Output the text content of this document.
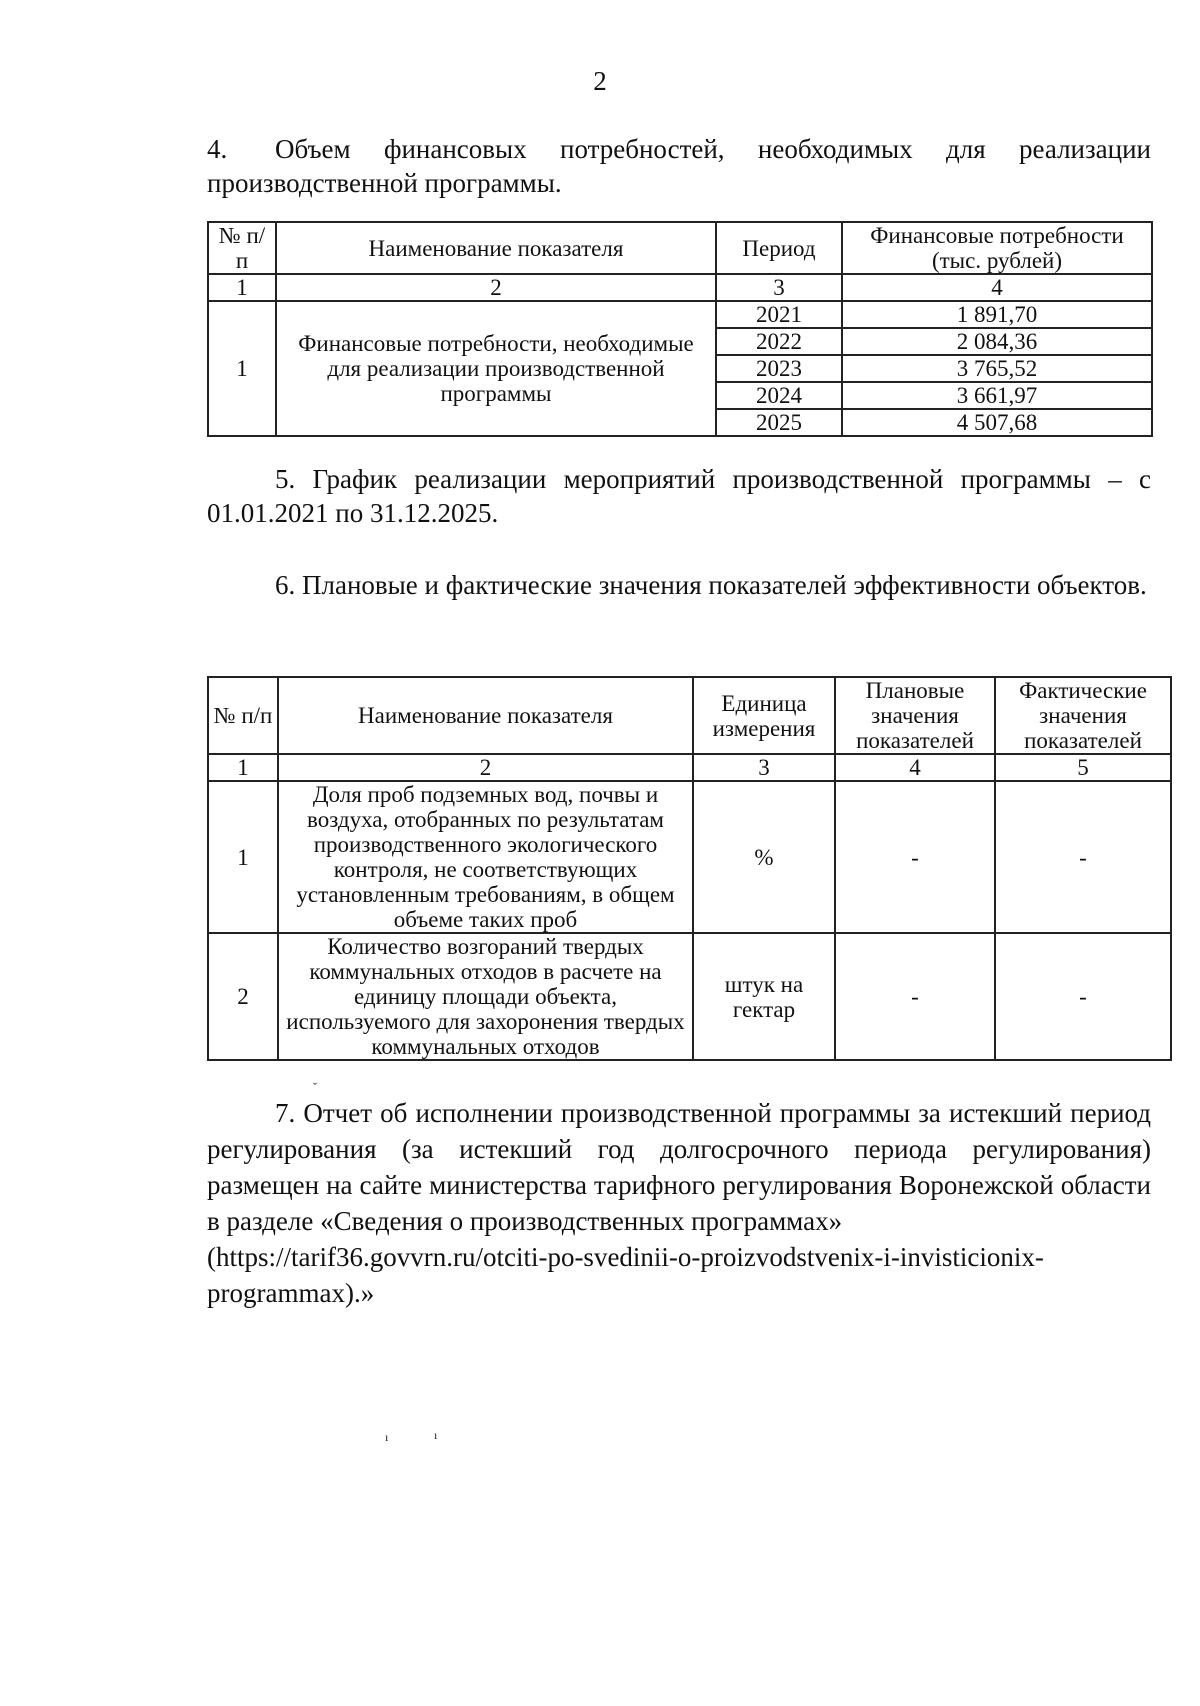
2

4. Объем финансовых потребностей, необходимых для реализации производственной программы.

№ п/п	Наименование показателя	Период	Финансовые потребности (тыс. рублей)
1	2	3	4
1	Финансовые потребности, необходимые для реализации производственной программы	2021	1 891,70
		2022	2 084,36
		2023	3 765,52
		2024	3 661,97
		2025	4 507,68

5. График реализации мероприятий производственной программы – с 01.01.2021 по 31.12.2025.

6. Плановые и фактические значения показателей эффективности объектов.

№ п/п	Наименование показателя	Единица измерения	Плановые значения показателей	Фактические значения показателей
1	2	3	4	5
1	Доля проб подземных вод, почвы и воздуха, отобранных по результатам производственного экологического контроля, не соответствующих установленным требованиям, в общем объеме таких проб	%	-	-
2	Количество возгораний твердых коммунальных отходов в расчете на единицу площади объекта, используемого для захоронения твердых коммунальных отходов	штук на гектар	-	-
ˇ

7. Отчет об исполнении производственной программы за истекший период регулирования (за истекший год долгосрочного периода регулирования) размещен на сайте министерства тарифного регулирования Воронежской области в разделе «Сведения о производственных программах»

(https://tarif36.govvrn.ru/otciti-po-svedinii-o-proizvodstvenix-i-invisticionix-programmax).»

ı	ı
